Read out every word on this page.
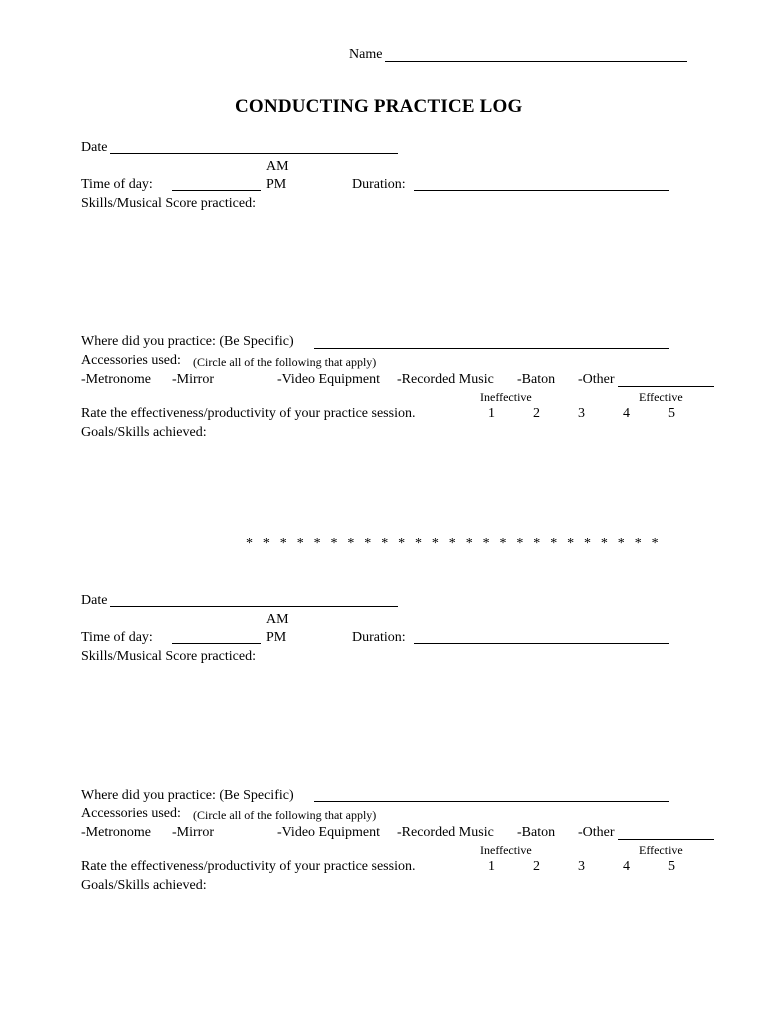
Name
CONDUCTING PRACTICE LOG
Date
AM
Time of day:	PM	Duration:
Skills/Musical Score practiced:
Where did you practice: (Be Specific)
Accessories used: (Circle all of the following that apply)
-Metronome -Mirror	-Video Equipment -Recorded Music -Baton -Other
Ineffective	Effective
Rate the effectiveness/productivity of your practice session.	1	2	3	4	5
Goals/Skills achieved:
* * * * * * * * * * * * * * * * * * * * * * * * *
Date
AM
Time of day:	PM	Duration:
Skills/Musical Score practiced:
Where did you practice: (Be Specific)
Accessories used: (Circle all of the following that apply)
-Metronome -Mirror	-Video Equipment -Recorded Music -Baton -Other
Ineffective	Effective
Rate the effectiveness/productivity of your practice session.	1	2	3	4	5
Goals/Skills achieved:
